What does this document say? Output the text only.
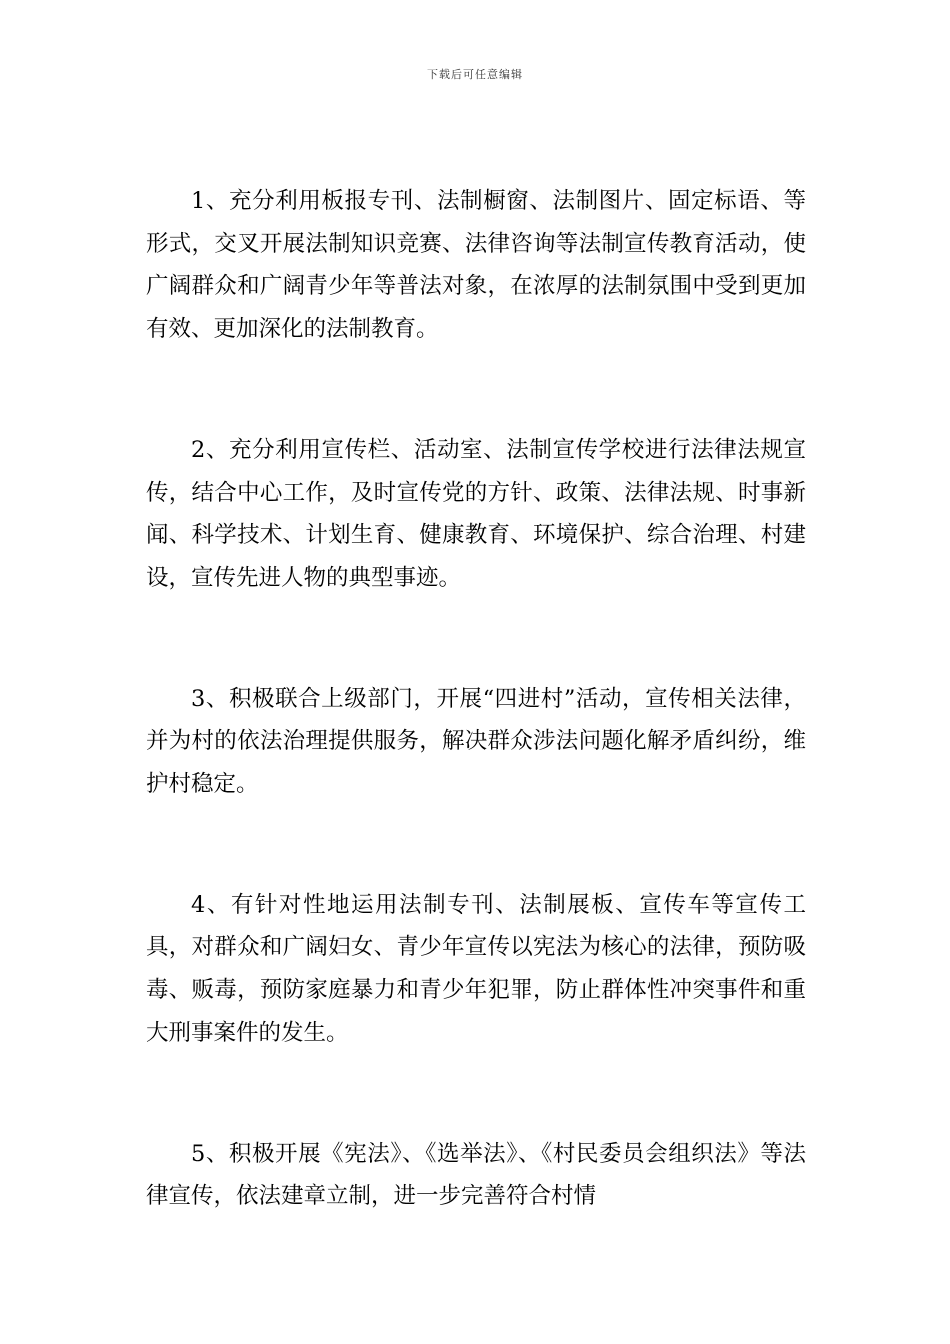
下载后可任意编辑

1、充分利用板报专刊、法制橱窗、法制图片、固定标语、等形式，交叉开展法制知识竞赛、法律咨询等法制宣传教育活动，使广阔群众和广阔青少年等普法对象，在浓厚的法制氛围中受到更加有效、更加深化的法制教育。

2、充分利用宣传栏、活动室、法制宣传学校进行法律法规宣传，结合中心工作，及时宣传党的方针、政策、法律法规、时事新闻、科学技术、计划生育、健康教育、环境保护、综合治理、村建设，宣传先进人物的典型事迹。

3、积极联合上级部门，开展“四进村”活动，宣传相关法律，并为村的依法治理提供服务，解决群众涉法问题化解矛盾纠纷，维护村稳定。

4、有针对性地运用法制专刊、法制展板、宣传车等宣传工具，对群众和广阔妇女、青少年宣传以宪法为核心的法律，预防吸毒、贩毒，预防家庭暴力和青少年犯罪，防止群体性冲突事件和重大刑事案件的发生。

5、积极开展《宪法》、《选举法》、《村民委员会组织法》等法律宣传，依法建章立制，进一步完善符合村情
